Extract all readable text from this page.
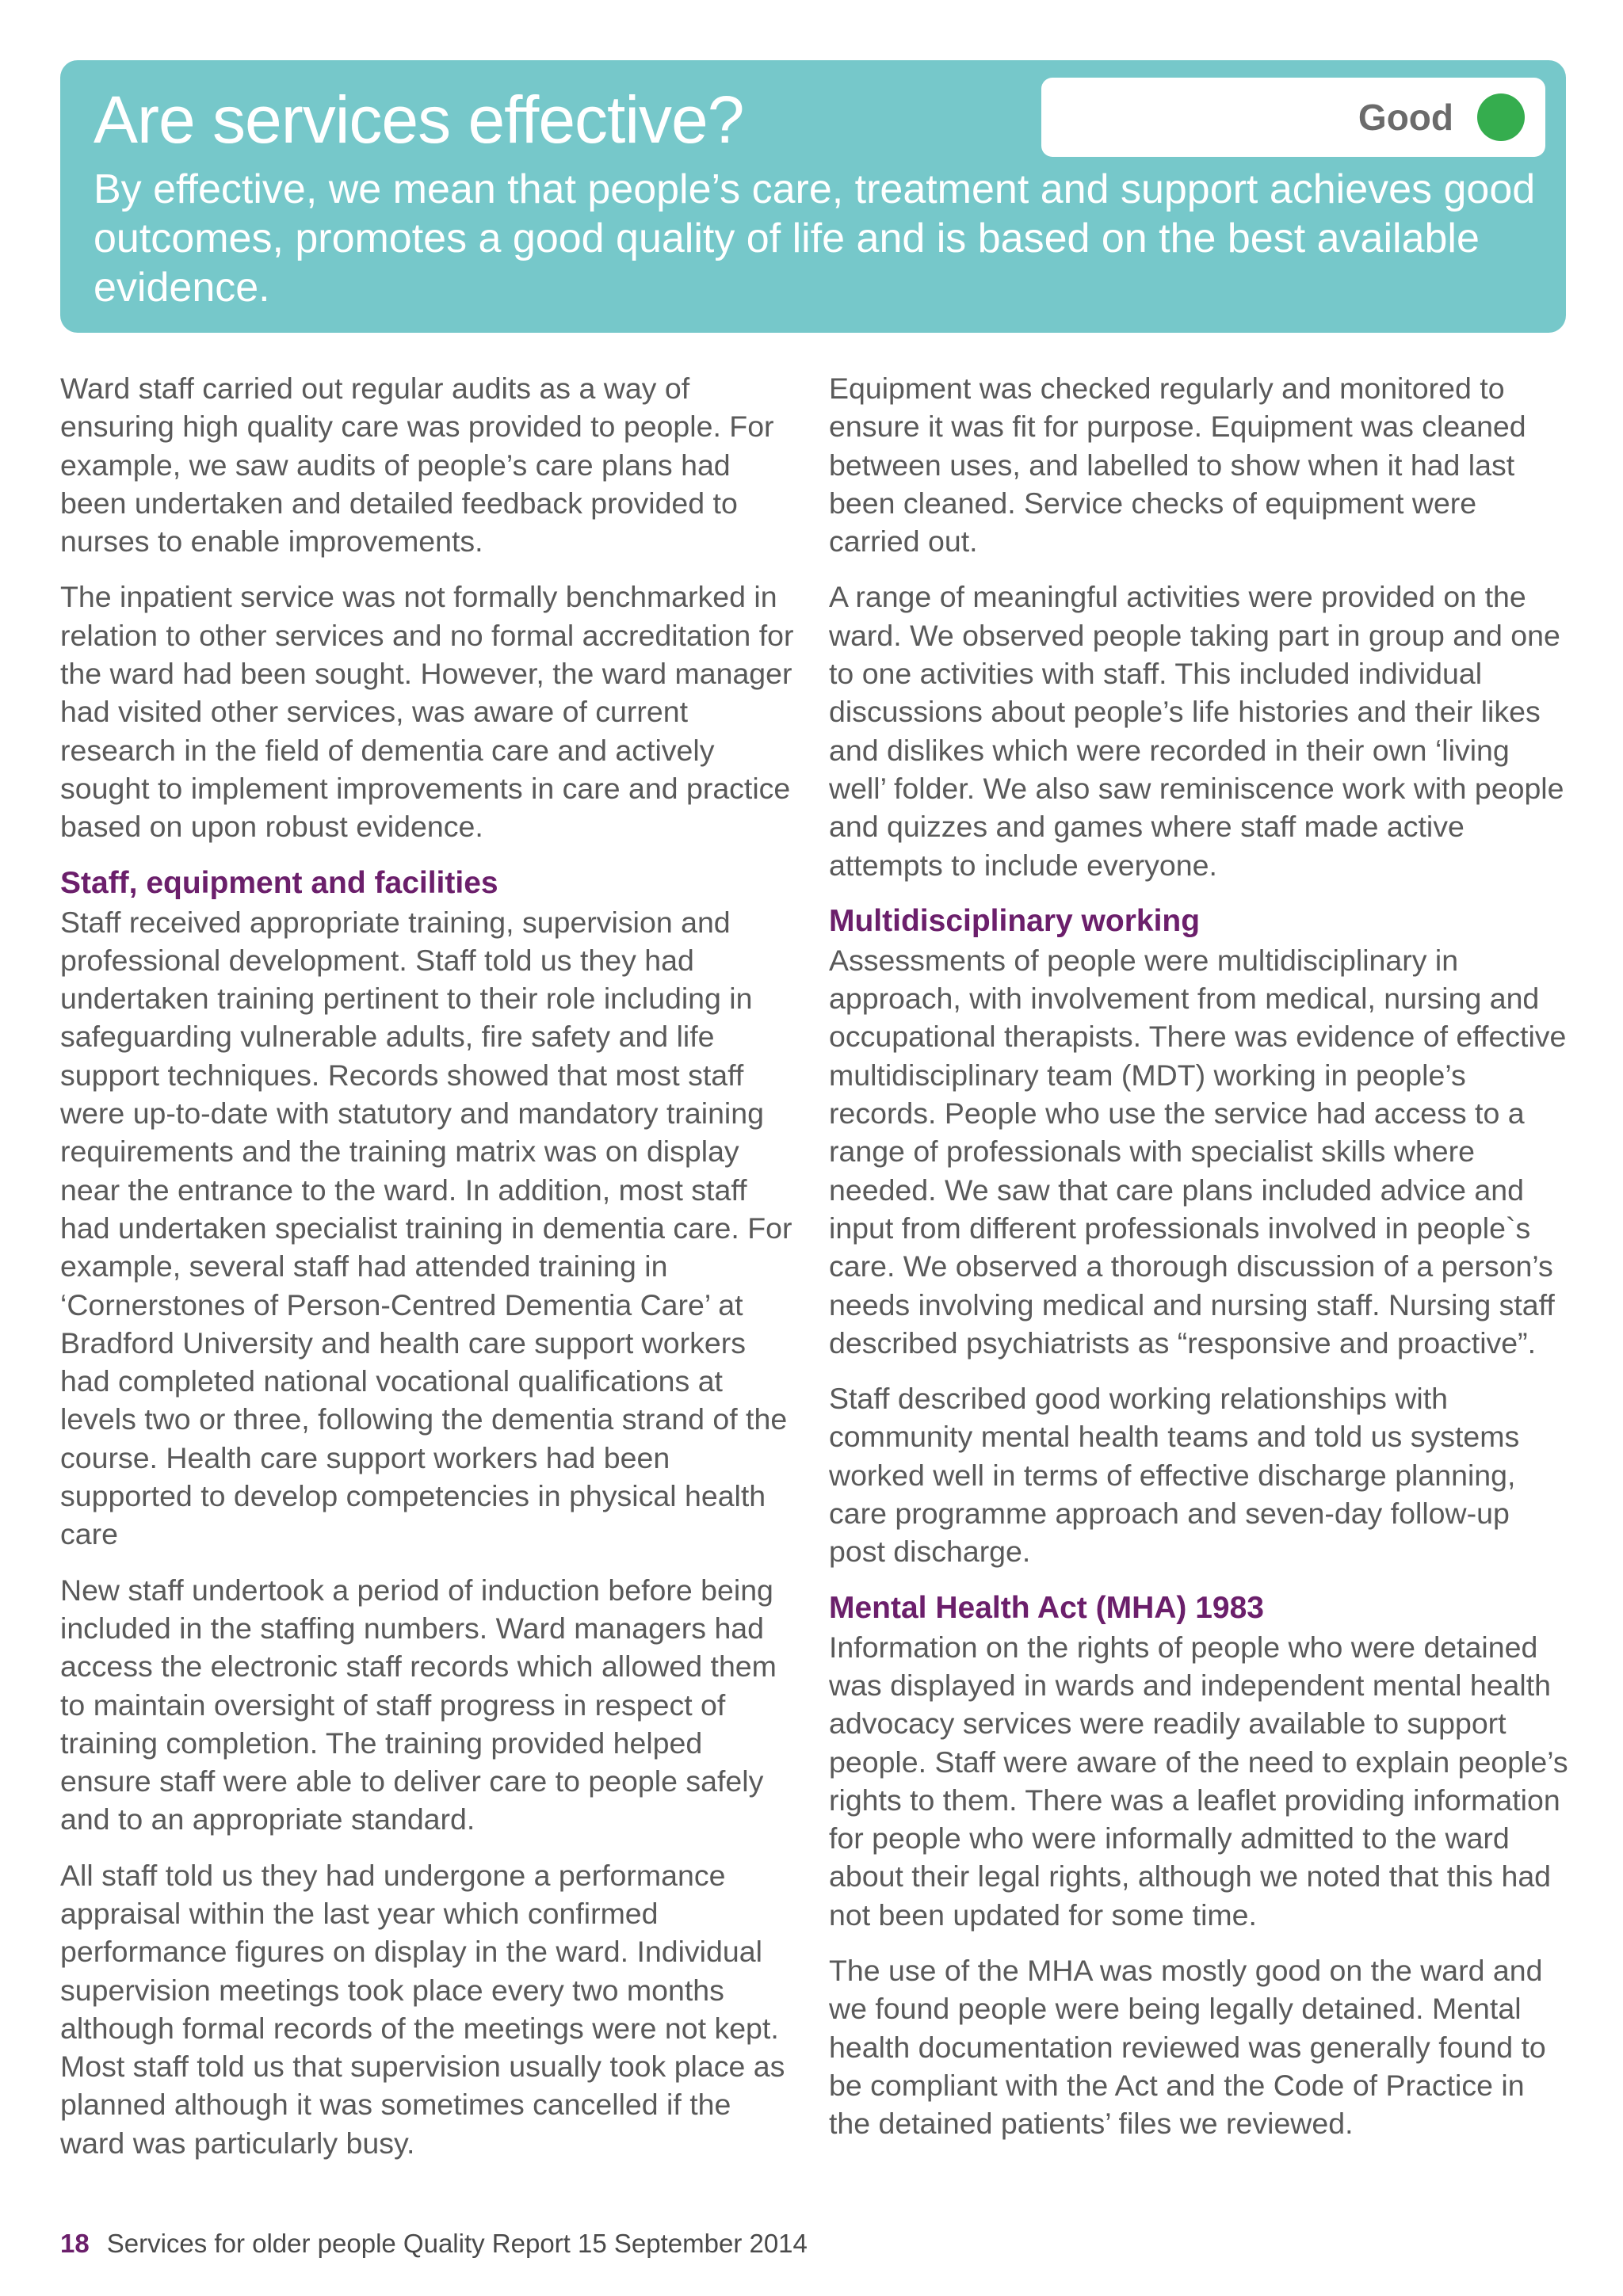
Are services effective?	Good

By effective, we mean that people’s care, treatment and support achieves good outcomes, promotes a good quality of life and is based on the best available evidence.

Ward staff carried out regular audits as a way of ensuring high quality care was provided to people. For example, we saw audits of people’s care plans had been undertaken and detailed feedback provided to nurses to enable improvements.

The inpatient service was not formally benchmarked in relation to other services and no formal accreditation for the ward had been sought. However, the ward manager had visited other services, was aware of current research in the field of dementia care and actively sought to implement improvements in care and practice based on upon robust evidence.

Staff, equipment and facilities

Staff received appropriate training, supervision and professional development. Staff told us they had undertaken training pertinent to their role including in safeguarding vulnerable adults, fire safety and life support techniques. Records showed that most staff were up-to-date with statutory and mandatory training requirements and the training matrix was on display near the entrance to the ward. In addition, most staff had undertaken specialist training in dementia care. For example, several staff had attended training in ‘Cornerstones of Person-Centred Dementia Care’ at Bradford University and health care support workers had completed national vocational qualifications at levels two or three, following the dementia strand of the course. Health care support workers had been supported to develop competencies in physical health care

New staff undertook a period of induction before being included in the staffing numbers. Ward managers had access the electronic staff records which allowed them to maintain oversight of staff progress in respect of training completion. The training provided helped ensure staff were able to deliver care to people safely and to an appropriate standard.

All staff told us they had undergone a performance appraisal within the last year which confirmed performance figures on display in the ward. Individual supervision meetings took place every two months although formal records of the meetings were not kept. Most staff told us that supervision usually took place as planned although it was sometimes cancelled if the ward was particularly busy.

Equipment was checked regularly and monitored to ensure it was fit for purpose. Equipment was cleaned between uses, and labelled to show when it had last been cleaned. Service checks of equipment were carried out.

A range of meaningful activities were provided on the ward. We observed people taking part in group and one to one activities with staff. This included individual discussions about people’s life histories and their likes and dislikes which were recorded in their own ‘living well’ folder. We also saw reminiscence work with people and quizzes and games where staff made active attempts to include everyone.

Multidisciplinary working

Assessments of people were multidisciplinary in approach, with involvement from medical, nursing and occupational therapists. There was evidence of effective multidisciplinary team (MDT) working in people’s records. People who use the service had access to a range of professionals with specialist skills where needed. We saw that care plans included advice and input from different professionals involved in people`s care. We observed a thorough discussion of a person’s needs involving medical and nursing staff. Nursing staff described psychiatrists as “responsive and proactive”.

Staff described good working relationships with community mental health teams and told us systems worked well in terms of effective discharge planning, care programme approach and seven-day follow-up post discharge.

Mental Health Act (MHA) 1983

Information on the rights of people who were detained was displayed in wards and independent mental health advocacy services were readily available to support people. Staff were aware of the need to explain people’s rights to them. There was a leaflet providing information for people who were informally admitted to the ward about their legal rights, although we noted that this had not been updated for some time.

The use of the MHA was mostly good on the ward and we found people were being legally detained. Mental health documentation reviewed was generally found to be compliant with the Act and the Code of Practice in the detained patients’ files we reviewed.

18 Services for older people Quality Report 15 September 2014
